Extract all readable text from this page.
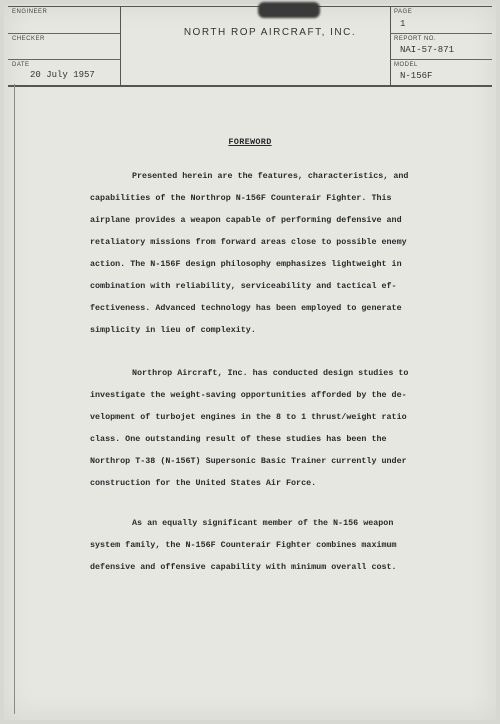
ENGINEER
CHECKER
DATE
20 July 1957
PAGE
1
REPORT NO.
NAI-57-871
MODEL
N-156F
NORTH ROP AIRCRAFT, INC.
FOREWORD
Presented herein are the features, characteristics, and
capabilities of the Northrop N-156F Counterair Fighter. This
airplane provides a weapon capable of performing defensive and
retaliatory missions from forward areas close to possible enemy
action. The N-156F design philosophy emphasizes lightweight in
combination with reliability, serviceability and tactical ef-
fectiveness. Advanced technology has been employed to generate
simplicity in lieu of complexity.
Northrop Aircraft, Inc. has conducted design studies to
investigate the weight-saving opportunities afforded by the de-
velopment of turbojet engines in the 8 to 1 thrust/weight ratio
class. One outstanding result of these studies has been the
Northrop T-38 (N-156T) Supersonic Basic Trainer currently under
construction for the United States Air Force.
As an equally significant member of the N-156 weapon
system family, the N-156F Counterair Fighter combines maximum
defensive and offensive capability with minimum overall cost.
